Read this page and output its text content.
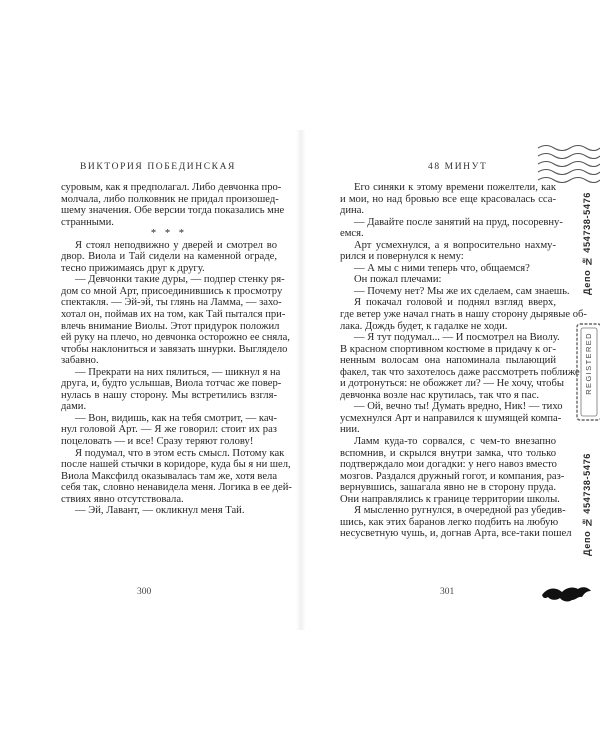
ВИКТОРИЯ ПОБЕДИНСКАЯ
суровым, как я предполагал. Либо девчонка про-
молчала, либо полковник не придал произошед-
шему значения. Обе версии тогда показались мне
странными.
* * *
Я стоял неподвижно у дверей и смотрел во
двор. Виола и Тай сидели на каменной ограде,
тесно прижимаясь друг к другу.
— Девчонки такие дуры, — подпер стенку ря-
дом со мной Арт, присоединившись к просмотру
спектакля. — Эй-эй, ты глянь на Ламма, — захо-
хотал он, поймав их на том, как Тай пытался при-
влечь внимание Виолы. Этот придурок положил
ей руку на плечо, но девчонка осторожно ее сняла,
чтобы наклониться и завязать шнурки. Выглядело
забавно.
— Прекрати на них пялиться, — шикнул я на
друга, и, будто услышав, Виола тотчас же повер-
нулась в нашу сторону. Мы встретились взгля-
дами.
— Вон, видишь, как на тебя смотрит, — кач-
нул головой Арт. — Я же говорил: стоит их раз
поцеловать — и все! Сразу теряют голову!
Я подумал, что в этом есть смысл. Потому как
после нашей стычки в коридоре, куда бы я ни шел,
Виола Максфилд оказывалась там же, хотя вела
себя так, словно ненавидела меня. Логика в ее дей-
ствиях явно отсутствовала.
— Эй, Лавант, — окликнул меня Тай.
300
48 МИНУТ
Его синяки к этому времени пожелтели, как
и мои, но над бровью все еще красовалась сса-
дина.
— Давайте после занятий на пруд, посоревну-
емся.
Арт усмехнулся, а я вопросительно нахму-
рился и повернулся к нему:
— А мы с ними теперь что, общаемся?
Он пожал плечами:
— Почему нет? Мы же их сделаем, сам знаешь.
Я покачал головой и поднял взгляд вверх,
где ветер уже начал гнать в нашу сторону дырявые об-
лака. Дождь будет, к гадалке не ходи.
— Я тут подумал... — И посмотрел на Виолу.
В красном спортивном костюме в придачу к ог-
ненным волосам она напоминала пылающий
факел, так что захотелось даже рассмотреть поближе
и дотронуться: не обожжет ли? — Не хочу, чтобы
девчонка возле нас крутилась, так что я пас.
— Ой, вечно ты! Думать вредно, Ник! — тихо
усмехнулся Арт и направился к шумящей компа-
нии.
Ламм куда-то сорвался, с чем-то внезапно
вспомнив, и скрылся внутри замка, что только
подтверждало мои догадки: у него навоз вместо
мозгов. Раздался дружный гогот, и компания, раз-
вернувшись, зашагала явно не в сторону пруда.
Они направлялись к границе территории школы.
Я мысленно ругнулся, в очередной раз убедив-
шись, как этих баранов легко подбить на любую
несусветную чушь, и, догнав Арта, все-таки пошел
301
Депо № 454738-5476
REGISTERED
Депо № 454738-5476
